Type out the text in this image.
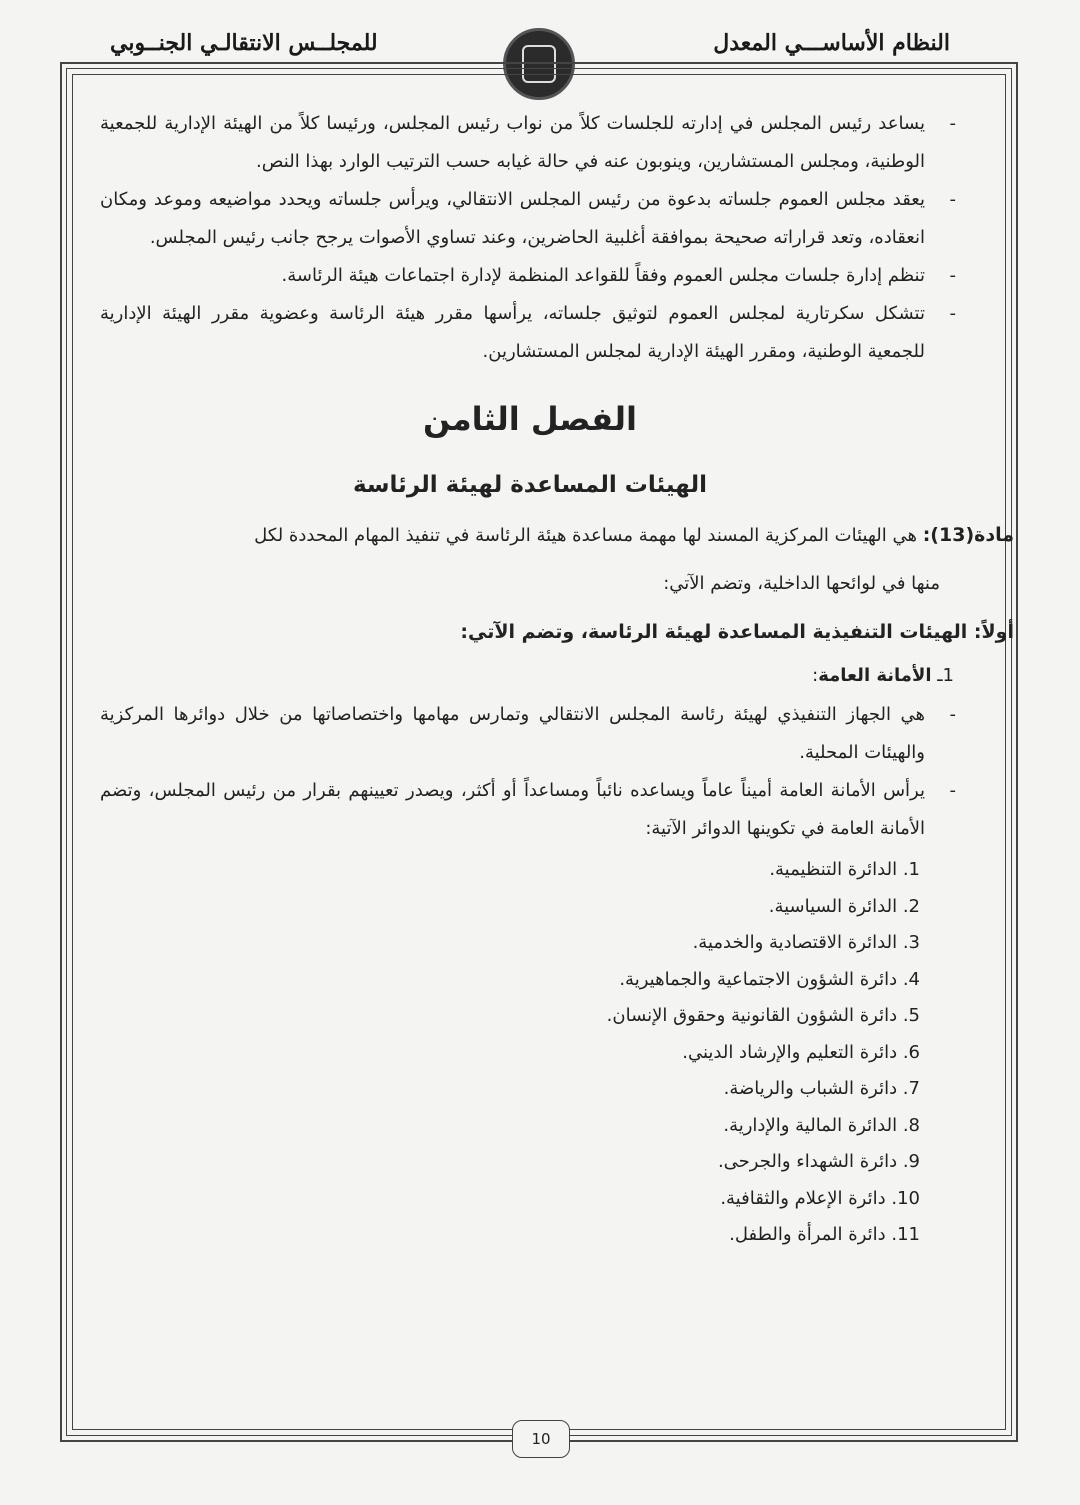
النظام الأساســـي المعدل
للمجلــس الانتقالـي الجنــوبي
-
يساعد رئيس المجلس في إدارته للجلسات كلاً من نواب رئيس المجلس، ورئيسا كلاً من الهيئة الإدارية للجمعية الوطنية، ومجلس المستشارين، وينوبون عنه في حالة غيابه حسب الترتيب الوارد بهذا النص.
-
يعقد مجلس العموم جلساته بدعوة من رئيس المجلس الانتقالي، ويرأس جلساته ويحدد مواضيعه وموعد ومكان انعقاده، وتعد قراراته صحيحة بموافقة أغلبية الحاضرين، وعند تساوي الأصوات يرجح جانب رئيس المجلس.
-
تنظم إدارة جلسات مجلس العموم وفقاً للقواعد المنظمة لإدارة اجتماعات هيئة الرئاسة.
-
تتشكل سكرتارية لمجلس العموم لتوثيق جلساته، يرأسها مقرر هيئة الرئاسة وعضوية مقرر الهيئة الإدارية للجمعية الوطنية، ومقرر الهيئة الإدارية لمجلس المستشارين.
الفصل الثامن
الهيئات المساعدة لهيئة الرئاسة
مادة(13): هي الهيئات المركزية المسند لها مهمة مساعدة هيئة الرئاسة في تنفيذ المهام المحددة لكل
منها في لوائحها الداخلية، وتضم الآتي:
أولاً: الهيئات التنفيذية المساعدة لهيئة الرئاسة، وتضم الآتي:
1ـ الأمانة العامة:
-
هي الجهاز التنفيذي لهيئة رئاسة المجلس الانتقالي وتمارس مهامها واختصاصاتها من خلال دوائرها المركزية والهيئات المحلية.
-
يرأس الأمانة العامة أميناً عاماً ويساعده نائباً ومساعداً أو أكثر، ويصدر تعيينهم بقرار من رئيس المجلس، وتضم الأمانة العامة في تكوينها الدوائر الآتية:
1. الدائرة التنظيمية.
2. الدائرة السياسية.
3. الدائرة الاقتصادية والخدمية.
4. دائرة الشؤون الاجتماعية والجماهيرية.
5. دائرة الشؤون القانونية وحقوق الإنسان.
6. دائرة التعليم والإرشاد الديني.
7. دائرة الشباب والرياضة.
8. الدائرة المالية والإدارية.
9. دائرة الشهداء والجرحى.
10. دائرة الإعلام والثقافية.
11. دائرة المرأة والطفل.
10
